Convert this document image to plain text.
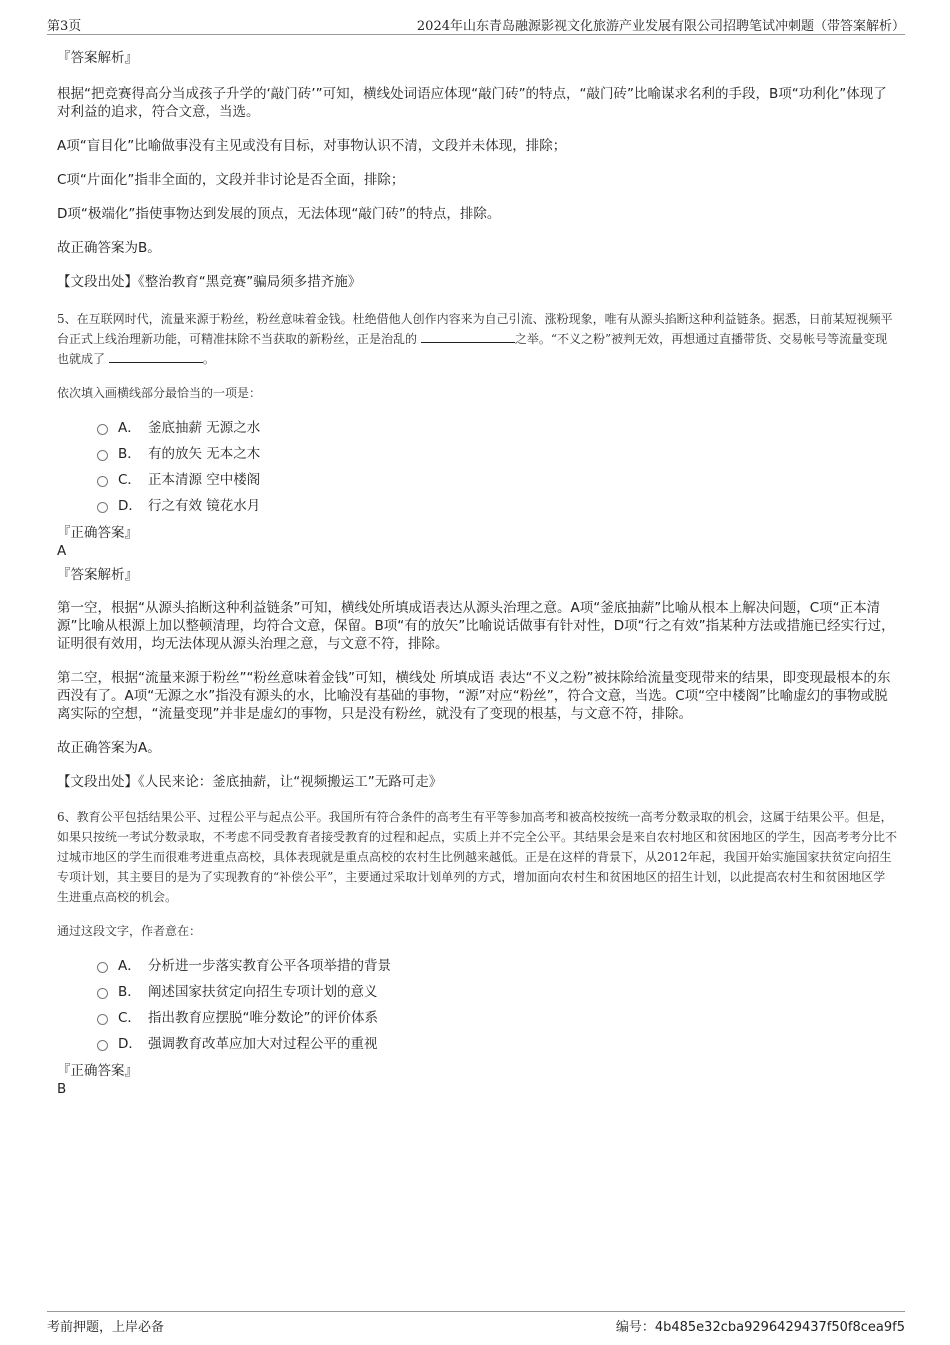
第3页	2024年山东青岛融源影视文化旅游产业发展有限公司招聘笔试冲刺题（带答案解析）

『答案解析』

根据“把竞赛得高分当成孩子升学的‘敲门砖’”可知，横线处词语应体现“敲门砖”的特点，“敲门砖”比喻谋求名利的手段，B项“功利化”体现了对利益的追求，符合文意，当选。

A项“盲目化”比喻做事没有主见或没有目标，对事物认识不清，文段并未体现，排除；

C项“片面化”指非全面的，文段并非讨论是否全面，排除；

D项“极端化”指使事物达到发展的顶点，无法体现“敲门砖”的特点，排除。

故正确答案为B。

【文段出处】《整治教育“黑竞赛”骗局须多措齐施》

5、在互联网时代，流量来源于粉丝，粉丝意味着金钱。杜绝借他人创作内容来为自己引流、涨粉现象，唯有从源头掐断这种利益链条。据悉，日前某短视频平台正式上线治理新功能，可精准抹除不当获取的新粉丝，正是治乱的	之举。“不义之粉”被判无效，再想通过直播带货、交易帐号等流量变现也就成了	。

依次填入画横线部分最恰当的一项是：

A． 釜底抽薪 无源之水
B． 有的放矢 无本之木
C． 正本清源 空中楼阁
D． 行之有效 镜花水月

『正确答案』

A

『答案解析』

第一空，根据“从源头掐断这种利益链条”可知，横线处所填成语表达从源头治理之意。A项“釜底抽薪”比喻从根本上解决问题，C项“正本清源”比喻从根源上加以整顿清理，均符合文意，保留。B项“有的放矢”比喻说话做事有针对性，D项“行之有效”指某种方法或措施已经实行过，证明很有效用，均无法体现从源头治理之意，与文意不符，排除。

第二空，根据“流量来源于粉丝”“粉丝意味着金钱”可知，横线处 所填成语 表达“不义之粉”被抹除给流量变现带来的结果，即变现最根本的东西没有了。A项“无源之水”指没有源头的水，比喻没有基础的事物，“源”对应“粉丝”，符合文意，当选。C项“空中楼阁”比喻虚幻的事物或脱离实际的空想，“流量变现”并非是虚幻的事物，只是没有粉丝，就没有了变现的根基，与文意不符，排除。

故正确答案为A。

【文段出处】《人民来论：釜底抽薪，让“视频搬运工”无路可走》

6、教育公平包括结果公平、过程公平与起点公平。我国所有符合条件的高考生有平等参加高考和被高校按统一高考分数录取的机会，这属于结果公平。但是，如果只按统一考试分数录取，不考虑不同受教育者接受教育的过程和起点，实质上并不完全公平。其结果会是来自农村地区和贫困地区的学生，因高考考分比不过城市地区的学生而很难考进重点高校，具体表现就是重点高校的农村生比例越来越低。正是在这样的背景下，从2012年起，我国开始实施国家扶贫定向招生专项计划，其主要目的是为了实现教育的“补偿公平”，主要通过采取计划单列的方式，增加面向农村生和贫困地区的招生计划，以此提高农村生和贫困地区学生进重点高校的机会。

通过这段文字，作者意在：

A． 分析进一步落实教育公平各项举措的背景
B． 阐述国家扶贫定向招生专项计划的意义
C． 指出教育应摆脱“唯分数论”的评价体系
D． 强调教育改革应加大对过程公平的重视

『正确答案』

B

考前押题，上岸必备	编号：4b485e32cba9296429437f50f8cea9f5
